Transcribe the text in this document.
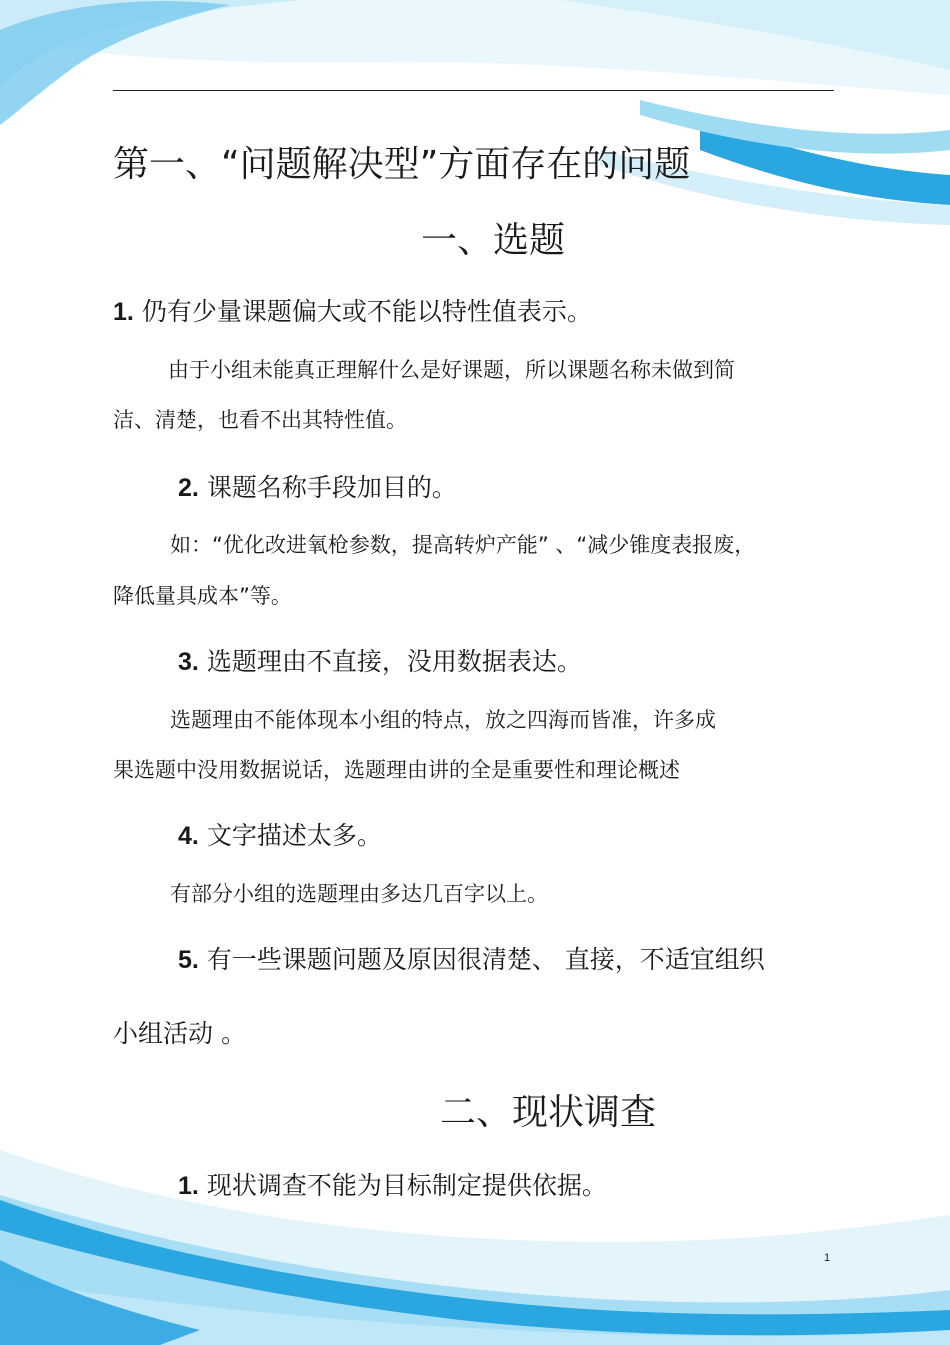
第一、“问题解决型”方面存在的问题
一、选题
1. 仍有少量课题偏大或不能以特性值表示。

由于小组未能真正理解什么是好课题，所以课题名称未做到简

洁、清楚，也看不出其特性值。

2. 课题名称手段加目的。

如：“优化改进氧枪参数，提高转炉产能” 、“减少锥度表报废，

降低量具成本”等。

3. 选题理由不直接，没用数据表达。

选题理由不能体现本小组的特点，放之四海而皆准，许多成

果选题中没用数据说话，选题理由讲的全是重要性和理论概述

4. 文字描述太多。

有部分小组的选题理由多达几百字以上。

5. 有一些课题问题及原因很清楚、 直接，不适宜组织

小组活动 。

二、现状调查
1. 现状调查不能为目标制定提供依据。
1
